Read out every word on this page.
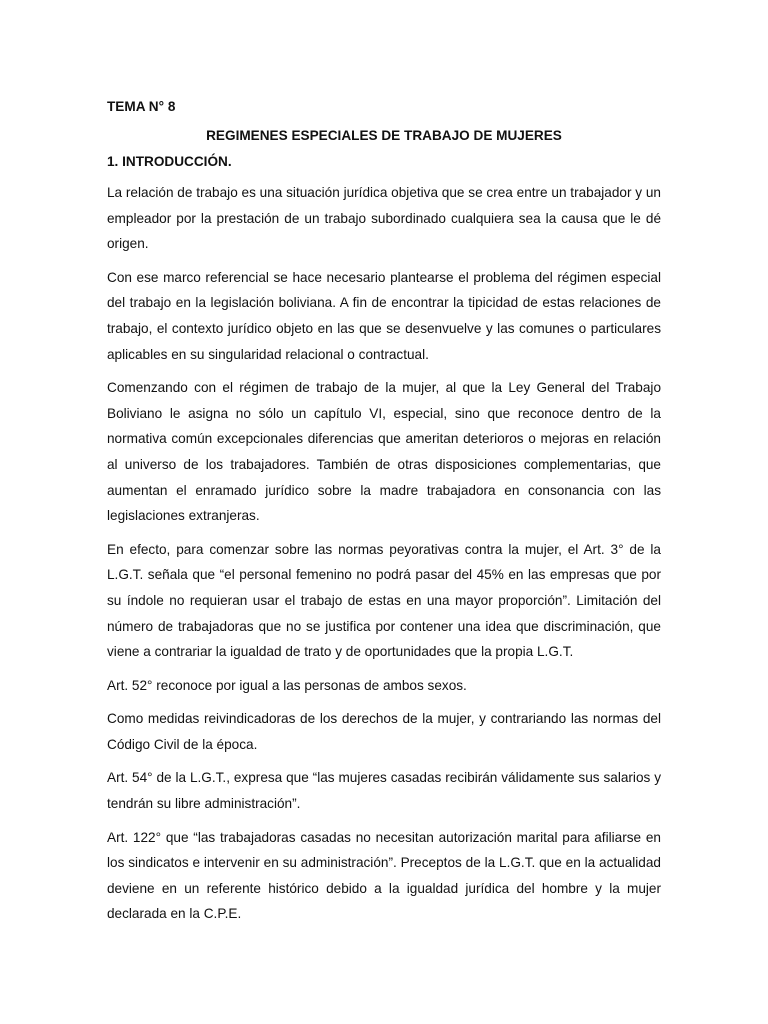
TEMA N° 8
REGIMENES ESPECIALES DE TRABAJO DE MUJERES
1. INTRODUCCIÓN.

La relación de trabajo es una situación jurídica objetiva que se crea entre un trabajador y un empleador por la prestación de un trabajo subordinado cualquiera sea la causa que le dé origen.

Con ese marco referencial se hace necesario plantearse el problema del régimen especial del trabajo en la legislación boliviana. A fin de encontrar la tipicidad de estas relaciones de trabajo, el contexto jurídico objeto en las que se desenvuelve y las comunes o particulares aplicables en su singularidad relacional o contractual.

Comenzando con el régimen de trabajo de la mujer, al que la Ley General del Trabajo Boliviano le asigna no sólo un capítulo VI, especial, sino que reconoce dentro de la normativa común excepcionales diferencias que ameritan deterioros o mejoras en relación al universo de los trabajadores. También de otras disposiciones complementarias, que aumentan el enramado jurídico sobre la madre trabajadora en consonancia con las legislaciones extranjeras.

En efecto, para comenzar sobre las normas peyorativas contra la mujer, el Art. 3° de la L.G.T. señala que “el personal femenino no podrá pasar del 45% en las empresas que por su índole no requieran usar el trabajo de estas en una mayor proporción”. Limitación del número de trabajadoras que no se justifica por contener una idea que discriminación, que viene a contrariar la igualdad de trato y de oportunidades que la propia L.G.T.

Art. 52° reconoce por igual a las personas de ambos sexos.

Como medidas reivindicadoras de los derechos de la mujer, y contrariando las normas del Código Civil de la época.

Art. 54° de la L.G.T., expresa que “las mujeres casadas recibirán válidamente sus salarios y tendrán su libre administración”.

Art. 122° que “las trabajadoras casadas no necesitan autorización marital para afiliarse en los sindicatos e intervenir en su administración”. Preceptos de la L.G.T. que en la actualidad deviene en un referente histórico debido a la igualdad jurídica del hombre y la mujer declarada en la C.P.E.
